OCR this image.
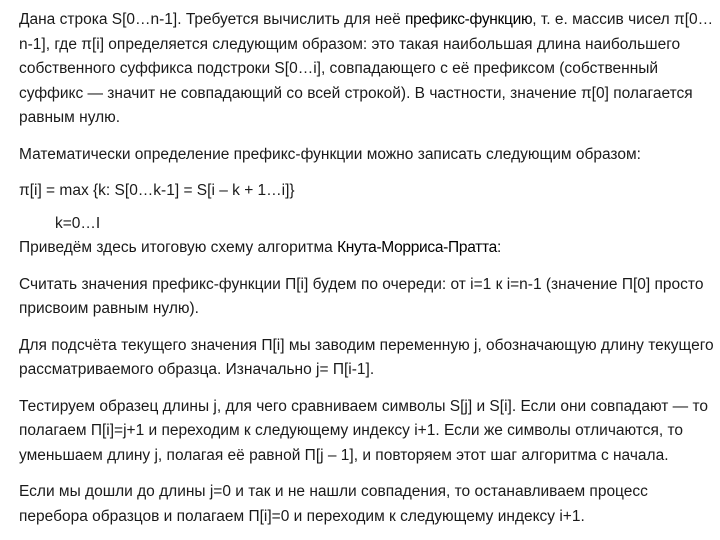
Дана строка S[0…n-1]. Требуется вычислить для неё префикс-функцию, т. е. массив чисел π[0…n-1], где π[i] определяется следующим образом: это такая наибольшая длина наибольшего собственного суффикса подстроки S[0…i], совпадающего с её префиксом (собственный суффикс — значит не совпадающий со всей строкой). В частности, значение π[0] полагается равным нулю.

Математически определение префикс-функции можно записать следующим образом:

π[i] = max {k: S[0…k-1] = S[i – k + 1…i]}

k=0…I

Приведём здесь итоговую схему алгоритма Кнута-Морриса-Пратта:

Считать значения префикс-функции П[i] будем по очереди: от i=1 к i=n-1 (значение П[0] просто присвоим равным нулю).

Для подсчёта текущего значения П[i] мы заводим переменную j, обозначающую длину текущего рассматриваемого образца. Изначально j= П[i-1].

Тестируем образец длины j, для чего сравниваем символы S[j] и S[i]. Если они совпадают — то полагаем П[i]=j+1 и переходим к следующему индексу i+1. Если же символы отличаются, то уменьшаем длину j, полагая её равной П[j – 1], и повторяем этот шаг алгоритма с начала.

Если мы дошли до длины j=0 и так и не нашли совпадения, то останавливаем процесс перебора образцов и полагаем П[i]=0 и переходим к следующему индексу i+1.
